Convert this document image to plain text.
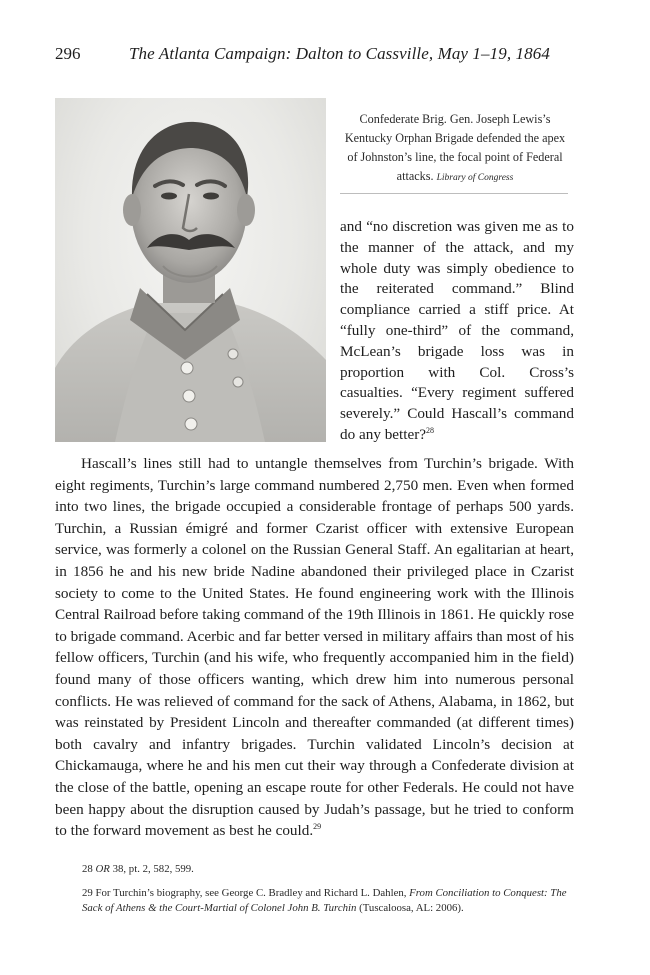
296	The Atlanta Campaign: Dalton to Cassville, May 1–19, 1864
Confederate Brig. Gen. Joseph Lewis’s Kentucky Orphan Brigade defended the apex of Johnston’s line, the focal point of Federal attacks. Library of Congress

and “no discretion was given me as to the manner of the attack, and my whole duty was simply obedience to the reiterated command.” Blind compliance carried a stiff price. At “fully one-third” of the command, McLean’s brigade loss was in proportion with Col. Cross’s casualties. “Every regiment suffered severely.” Could Hascall’s command do any better?$^{28}$

Hascall’s lines still had to untangle themselves from Turchin’s brigade. With eight regiments, Turchin’s large command numbered 2,750 men. Even when formed into two lines, the brigade occupied a considerable frontage of perhaps 500 yards. Turchin, a Russian émigré and former Czarist officer with extensive European service, was formerly a colonel on the Russian General Staff. An egalitarian at heart, in 1856 he and his new bride Nadine abandoned their privileged place in Czarist society to come to the United States. He found engineering work with the Illinois Central Railroad before taking command of the 19th Illinois in 1861. He quickly rose to brigade command. Acerbic and far better versed in military affairs than most of his fellow officers, Turchin (and his wife, who frequently accompanied him in the field) found many of those officers wanting, which drew him into numerous personal conflicts. He was relieved of command for the sack of Athens, Alabama, in 1862, but was reinstated by President Lincoln and thereafter commanded (at different times) both cavalry and infantry brigades. Turchin validated Lincoln’s decision at Chickamauga, where he and his men cut their way through a Confederate division at the close of the battle, opening an escape route for other Federals. He could not have been happy about the disruption caused by Judah’s passage, but he tried to conform to the forward movement as best he could.$^{29}$

28 OR 38, pt. 2, 582, 599.

29 For Turchin’s biography, see George C. Bradley and Richard L. Dahlen, From Conciliation to Conquest: The Sack of Athens & the Court-Martial of Colonel John B. Turchin (Tuscaloosa, AL: 2006).
